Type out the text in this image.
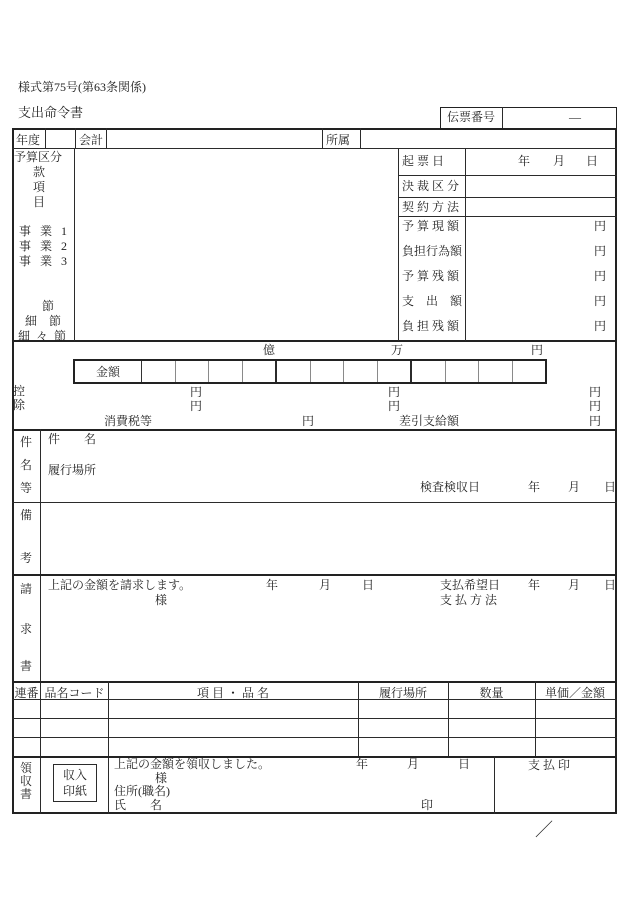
様式第75号(第63条関係)
支出命令書	伝票番号	—
年度	会計	所属
予算区分
款
項
目
事 業 1
事 業 2
事 業 3
節
細　節
細 々 節
起 票 日	年 月 日
決 裁 区 分
契 約 方 法
予 算 現 額	円
負担行為額	円
予 算 残 額	円
支　出　額	円
負 担 残 額	円
億	万	円
金額
控
除
円	円	円
円	円	円
消費税等	円	差引支給額	円
件
名
等
件　　名
履行場所
検査検収日	年 月 日
備
考
請
求
書
上記の金額を請求します。	年	月	日	支払希望日 年 月 日
様	支 払 方 法
連番 品名コード	項 目 ・ 品 名	履行場所	数量	単価／金額
領
収
書
収入
印紙
上記の金額を領収しました。	年	月	日	支 払 印
様
住所(職名)
氏　　名	印
／
